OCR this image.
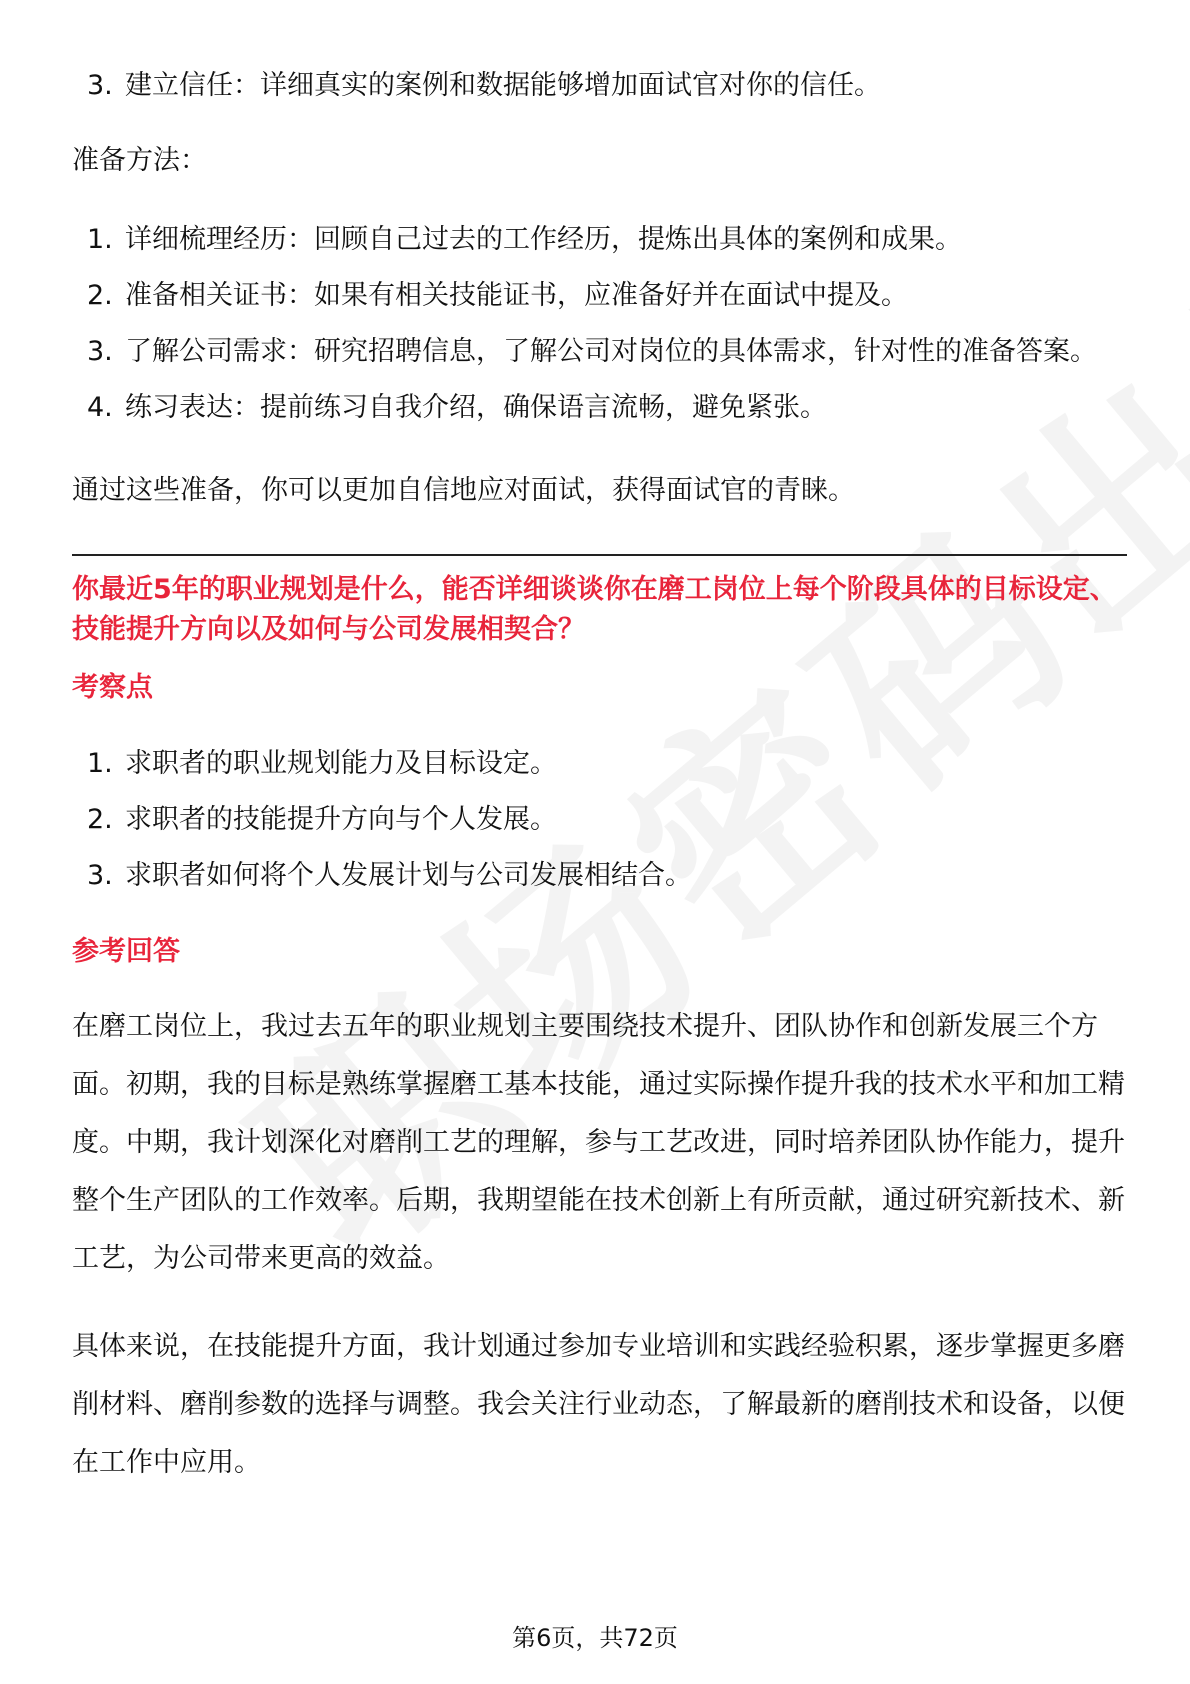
3. 建立信任：详细真实的案例和数据能够增加面试官对你的信任。

准备方法：

1. 详细梳理经历：回顾自己过去的工作经历，提炼出具体的案例和成果。
2. 准备相关证书：如果有相关技能证书，应准备好并在面试中提及。
3. 了解公司需求：研究招聘信息，了解公司对岗位的具体需求，针对性的准备答案。
4. 练习表达：提前练习自我介绍，确保语言流畅，避免紧张。

通过这些准备，你可以更加自信地应对面试，获得面试官的青睐。

你最近5年的职业规划是什么，能否详细谈谈你在磨工岗位上每个阶段具体的目标设定、技能提升方向以及如何与公司发展相契合？

考察点

1. 求职者的职业规划能力及目标设定。
2. 求职者的技能提升方向与个人发展。
3. 求职者如何将个人发展计划与公司发展相结合。

参考回答

在磨工岗位上，我过去五年的职业规划主要围绕技术提升、团队协作和创新发展三个方面。初期，我的目标是熟练掌握磨工基本技能，通过实际操作提升我的技术水平和加工精度。中期，我计划深化对磨削工艺的理解，参与工艺改进，同时培养团队协作能力，提升整个生产团队的工作效率。后期，我期望能在技术创新上有所贡献，通过研究新技术、新工艺，为公司带来更高的效益。

具体来说，在技能提升方面，我计划通过参加专业培训和实践经验积累，逐步掌握更多磨削材料、磨削参数的选择与调整。我会关注行业动态，了解最新的磨削技术和设备，以便在工作中应用。

第6页，共72页
